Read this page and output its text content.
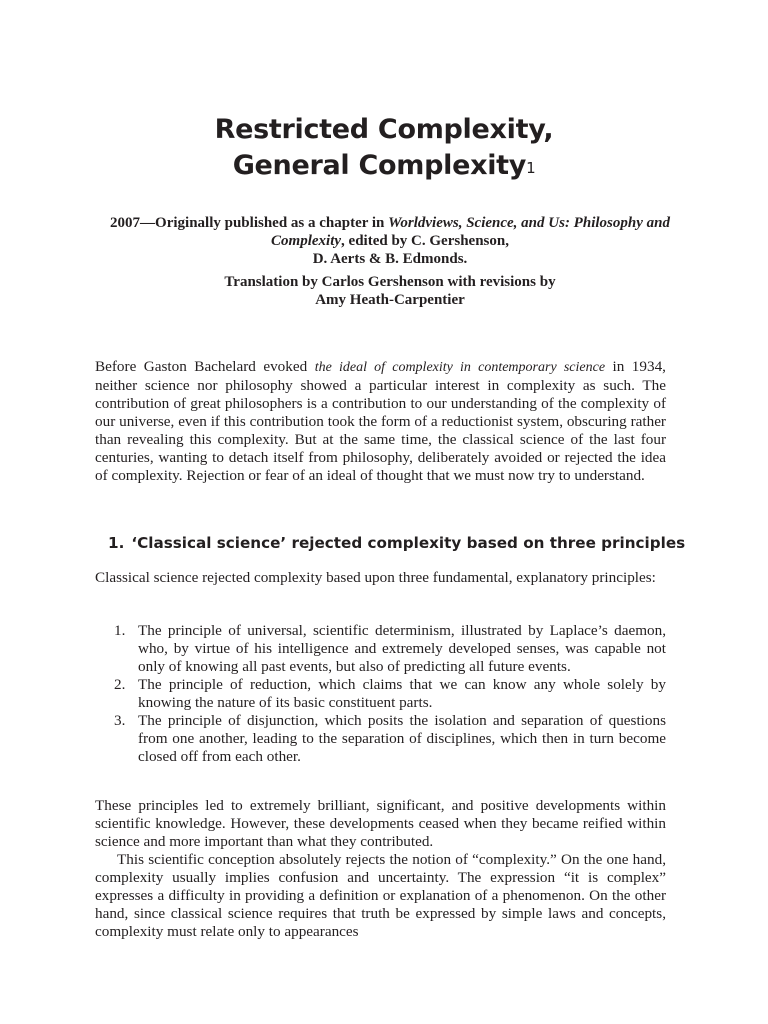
Restricted Complexity,
General Complexity$^1$
2007—Originally published as a chapter in Worldviews, Science, and Us: Philosophy and Complexity, edited by C. Gershenson,
D. Aerts & B. Edmonds.
Translation by Carlos Gershenson with revisions by
Amy Heath-Carpentier

Before Gaston Bachelard evoked the ideal of complexity in contemporary science in 1934, neither science nor philosophy showed a particular interest in complexity as such. The contribution of great philosophers is a contribution to our understanding of the complexity of our universe, even if this contribution took the form of a reductionist system, obscuring rather than revealing this complexity. But at the same time, the classical science of the last four centuries, wanting to detach itself from philosophy, deliberately avoided or rejected the idea of complexity. Rejection or fear of an ideal of thought that we must now try to understand.

1. ‘Classical science’ rejected complexity based on three principles

Classical science rejected complexity based upon three fundamental, explanatory principles:

1. The principle of universal, scientific determinism, illustrated by Laplace’s daemon, who, by virtue of his intelligence and extremely developed senses, was capable not only of knowing all past events, but also of predicting all future events.
2. The principle of reduction, which claims that we can know any whole solely by knowing the nature of its basic constituent parts.
3. The principle of disjunction, which posits the isolation and separation of questions from one another, leading to the separation of disciplines, which then in turn become closed off from each other.

These principles led to extremely brilliant, significant, and positive developments within scientific knowledge. However, these developments ceased when they became reified within science and more important than what they contributed.

This scientific conception absolutely rejects the notion of “complexity.” On the one hand, complexity usually implies confusion and uncertainty. The expression “it is complex” expresses a difficulty in providing a definition or explanation of a phenomenon. On the other hand, since classical science requires that truth be expressed by simple laws and concepts, complexity must relate only to appearances
